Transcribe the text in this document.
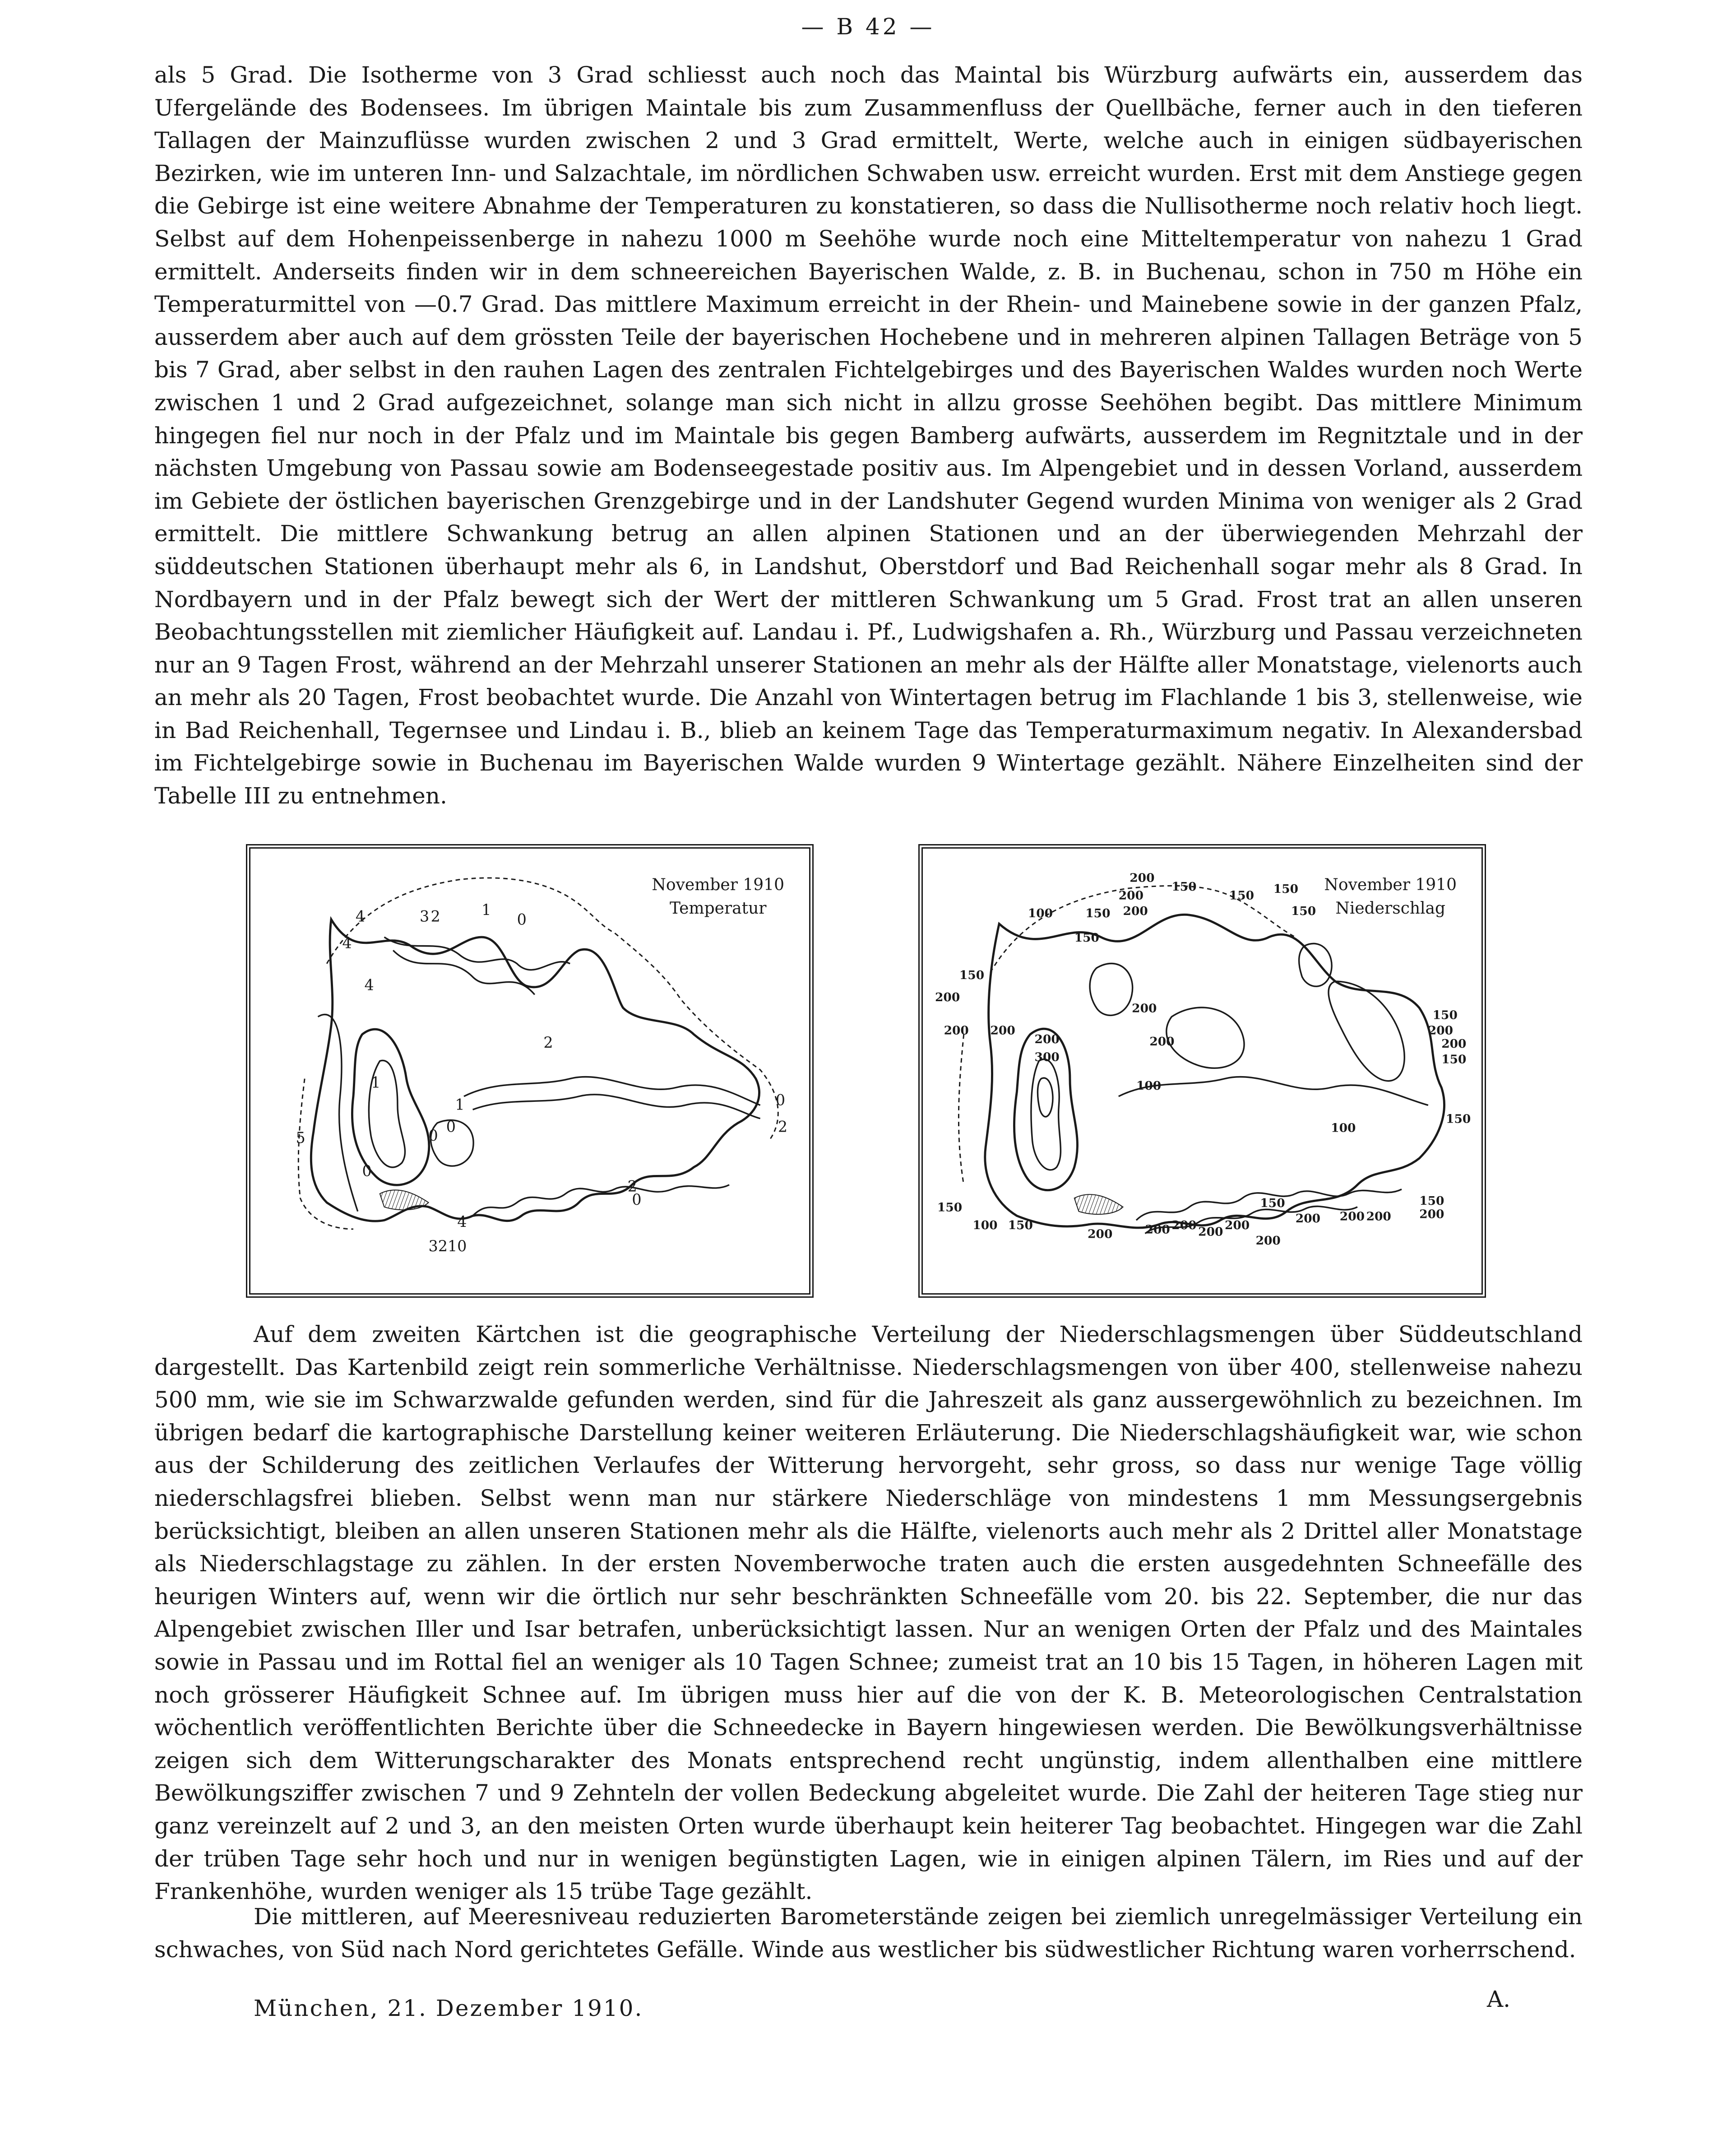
— B 42 —

als 5 Grad. Die Isotherme von 3 Grad schliesst auch noch das Maintal bis Würzburg aufwärts ein, ausserdem das Ufergelände des Bodensees. Im übrigen Maintale bis zum Zusammenfluss der Quellbäche, ferner auch in den tieferen Tallagen der Mainzuflüsse wurden zwischen 2 und 3 Grad ermittelt, Werte, welche auch in einigen südbayerischen Bezirken, wie im unteren Inn- und Salzachtale, im nördlichen Schwaben usw. erreicht wurden. Erst mit dem Anstiege gegen die Gebirge ist eine weitere Abnahme der Temperaturen zu konstatieren, so dass die Nullisotherme noch relativ hoch liegt. Selbst auf dem Hohenpeissenberge in nahezu 1000 m Seehöhe wurde noch eine Mitteltemperatur von nahezu 1 Grad ermittelt. Anderseits finden wir in dem schneereichen Bayerischen Walde, z. B. in Buchenau, schon in 750 m Höhe ein Temperaturmittel von —0.7 Grad. Das mittlere Maximum erreicht in der Rhein- und Mainebene sowie in der ganzen Pfalz, ausserdem aber auch auf dem grössten Teile der bayerischen Hochebene und in mehreren alpinen Tallagen Beträge von 5 bis 7 Grad, aber selbst in den rauhen Lagen des zentralen Fichtelgebirges und des Bayerischen Waldes wurden noch Werte zwischen 1 und 2 Grad aufgezeichnet, solange man sich nicht in allzu grosse Seehöhen begibt. Das mittlere Minimum hingegen fiel nur noch in der Pfalz und im Maintale bis gegen Bamberg aufwärts, ausserdem im Regnitztale und in der nächsten Umgebung von Passau sowie am Bodenseegestade positiv aus. Im Alpengebiet und in dessen Vorland, ausserdem im Gebiete der östlichen bayerischen Grenzgebirge und in der Landshuter Gegend wurden Minima von weniger als 2 Grad ermittelt. Die mittlere Schwankung betrug an allen alpinen Stationen und an der überwiegenden Mehrzahl der süddeutschen Stationen überhaupt mehr als 6, in Landshut, Oberstdorf und Bad Reichenhall sogar mehr als 8 Grad. In Nordbayern und in der Pfalz bewegt sich der Wert der mittleren Schwankung um 5 Grad. Frost trat an allen unseren Beobachtungsstellen mit ziemlicher Häufigkeit auf. Landau i. Pf., Ludwigshafen a. Rh., Würzburg und Passau verzeichneten nur an 9 Tagen Frost, während an der Mehrzahl unserer Stationen an mehr als der Hälfte aller Monatstage, vielenorts auch an mehr als 20 Tagen, Frost beobachtet wurde. Die Anzahl von Wintertagen betrug im Flachlande 1 bis 3, stellenweise, wie in Bad Reichenhall, Tegernsee und Lindau i. B., blieb an keinem Tage das Temperaturmaximum negativ. In Alexandersbad im Fichtelgebirge sowie in Buchenau im Bayerischen Walde wurden 9 Wintertage gezählt. Nähere Einzelheiten sind der Tabelle III zu entnehmen.

4	3 2	1
0
4
4
2
1
0
1
5
0
0
0
2
2
0
4
3210
November 1910
Temperatur
200
200
150
150 150
100	150 200	150
150
200
200 200
200
150
200
300
200
100
100
200
200
150
150
150
150
100 150
200	200 200 200 200
150
200 200 200
150
200
200
November 1910
Niederschlag

Auf dem zweiten Kärtchen ist die geographische Verteilung der Niederschlagsmengen über Süddeutschland dargestellt. Das Kartenbild zeigt rein sommerliche Verhältnisse. Niederschlagsmengen von über 400, stellenweise nahezu 500 mm, wie sie im Schwarzwalde gefunden werden, sind für die Jahreszeit als ganz aussergewöhnlich zu bezeichnen. Im übrigen bedarf die kartographische Darstellung keiner weiteren Erläuterung. Die Niederschlagshäufigkeit war, wie schon aus der Schilderung des zeitlichen Verlaufes der Witterung hervorgeht, sehr gross, so dass nur wenige Tage völlig niederschlagsfrei blieben. Selbst wenn man nur stärkere Niederschläge von mindestens 1 mm Messungsergebnis berücksichtigt, bleiben an allen unseren Stationen mehr als die Hälfte, vielenorts auch mehr als 2 Drittel aller Monatstage als Niederschlagstage zu zählen. In der ersten Novemberwoche traten auch die ersten ausgedehnten Schneefälle des heurigen Winters auf, wenn wir die örtlich nur sehr beschränkten Schneefälle vom 20. bis 22. September, die nur das Alpengebiet zwischen Iller und Isar betrafen, unberücksichtigt lassen. Nur an wenigen Orten der Pfalz und des Maintales sowie in Passau und im Rottal fiel an weniger als 10 Tagen Schnee; zumeist trat an 10 bis 15 Tagen, in höheren Lagen mit noch grösserer Häufigkeit Schnee auf. Im übrigen muss hier auf die von der K. B. Meteorologischen Centralstation wöchentlich veröffentlichten Berichte über die Schneedecke in Bayern hingewiesen werden. Die Bewölkungsverhältnisse zeigen sich dem Witterungscharakter des Monats entsprechend recht ungünstig, indem allenthalben eine mittlere Bewölkungsziffer zwischen 7 und 9 Zehnteln der vollen Bedeckung abgeleitet wurde. Die Zahl der heiteren Tage stieg nur ganz vereinzelt auf 2 und 3, an den meisten Orten wurde überhaupt kein heiterer Tag beobachtet. Hingegen war die Zahl der trüben Tage sehr hoch und nur in wenigen begünstigten Lagen, wie in einigen alpinen Tälern, im Ries und auf der Frankenhöhe, wurden weniger als 15 trübe Tage gezählt.

Die mittleren, auf Meeresniveau reduzierten Barometerstände zeigen bei ziemlich unregelmässiger Verteilung ein schwaches, von Süd nach Nord gerichtetes Gefälle. Winde aus westlicher bis südwestlicher Richtung waren vorherrschend.

München, 21. Dezember 1910.	A.
